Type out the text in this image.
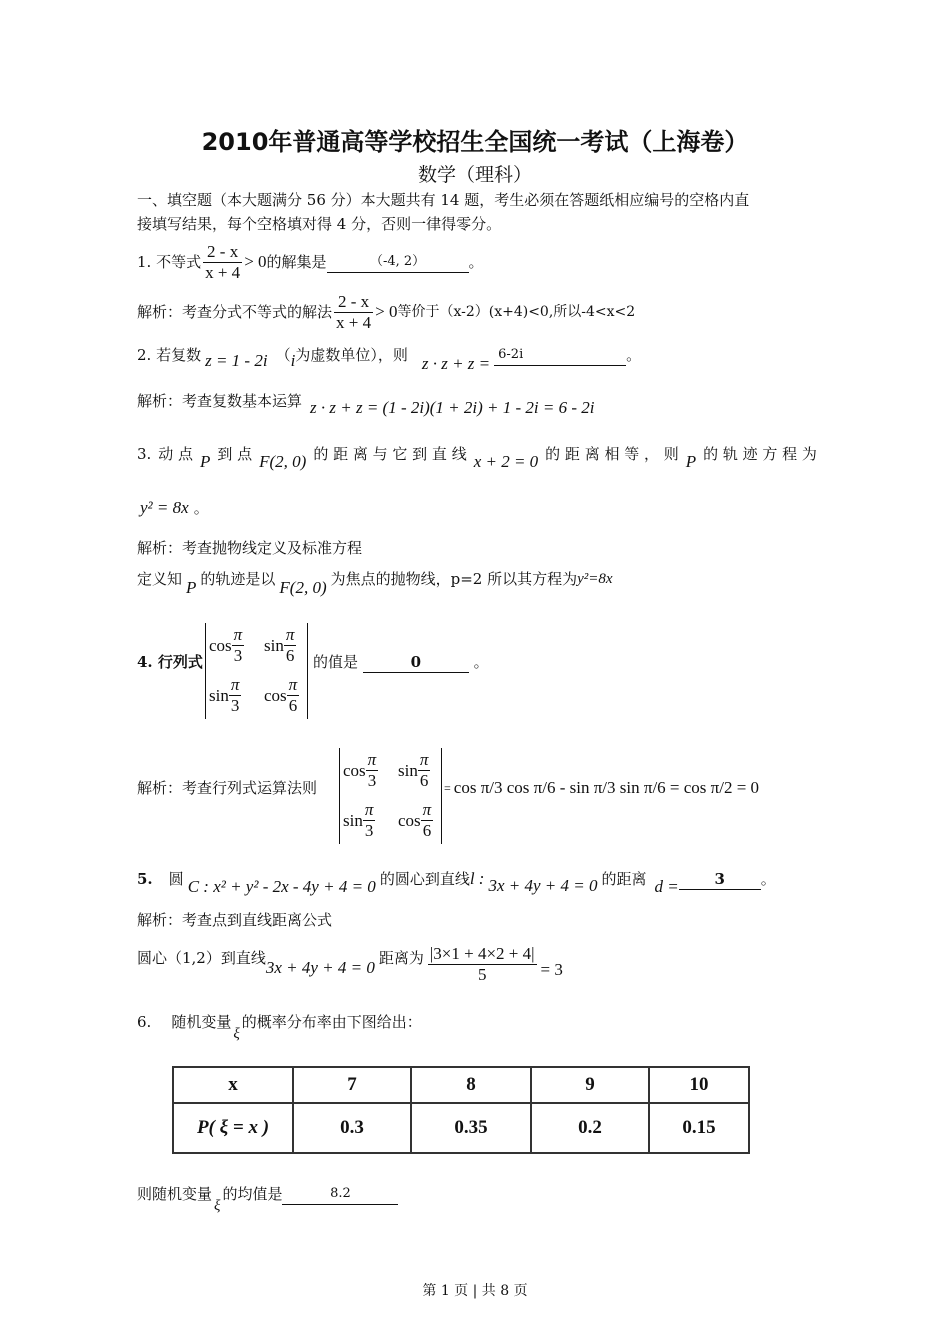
2010年普通高等学校招生全国统一考试（上海卷）
数学（理科）
一、填空题（本大题满分 56 分）本大题共有 14 题，考生必须在答题纸相应编号的空格内直
接填写结果，每个空格填对得 4 分，否则一律得零分。
1. 不等式 $\frac{2 - x}{x + 4} > 0$ 的解集是	（-4, 2）	。
解析：考查分式不等式的解法 $\frac{2 - x}{x + 4} > 0$ 等价于（x-2）(x+4)<0,所以-4<x<2
2. 若复数 z = 1 - 2i （ i 为虚数单位），则 z · z + z = 6-2i	。
解析：考查复数基本运算 z · z + z = (1 - 2i)(1 + 2i) + 1 - 2i = 6 - 2i
3. 动 点 P 到 点 F(2, 0) 的 距 离 与 它 到 直 线 x + 2 = 0 的 距 离 相 等 ， 则 P 的 轨 迹 方 程 为
y² = 8x 。
解析：考查抛物线定义及标准方程
定义知 P 的轨迹是以 F(2, 0) 为焦点的抛物线，p=2 所以其方程为 y²=8x
4. 行列式
$\cos \frac{\pi}{3}$ $\sin \frac{\pi}{6}$
$\sin \frac{\pi}{3}$ $\cos \frac{\pi}{6}$
的值是	0	。
解析：考查行列式运算法则
$\cos \frac{\pi}{3}$ $\sin \frac{\pi}{6}$
$\sin \frac{\pi}{3}$ $\cos \frac{\pi}{6}$
= cos π/3 cos π/6 - sin π/3 sin π/6 = cos π/2 = 0
5. 圆 C : x² + y² - 2x - 4y + 4 = 0 的圆心到直线 l : 3x + 4y + 4 = 0 的距离 d =	3	。
解析：考查点到直线距离公式
圆心（1,2）到直线 3x + 4y + 4 = 0 距离为 $\frac{|3\times 1 + 4\times 2 + 4|}{5} = 3$
6. 随机变量
ξ
的概率分布率由下图给出：
x	7	8	9	10
P( ξ = x )	0.3	0.35	0.2	0.15
则随机变量
ξ
的均值是	8.2
第 1 页 | 共 8 页
